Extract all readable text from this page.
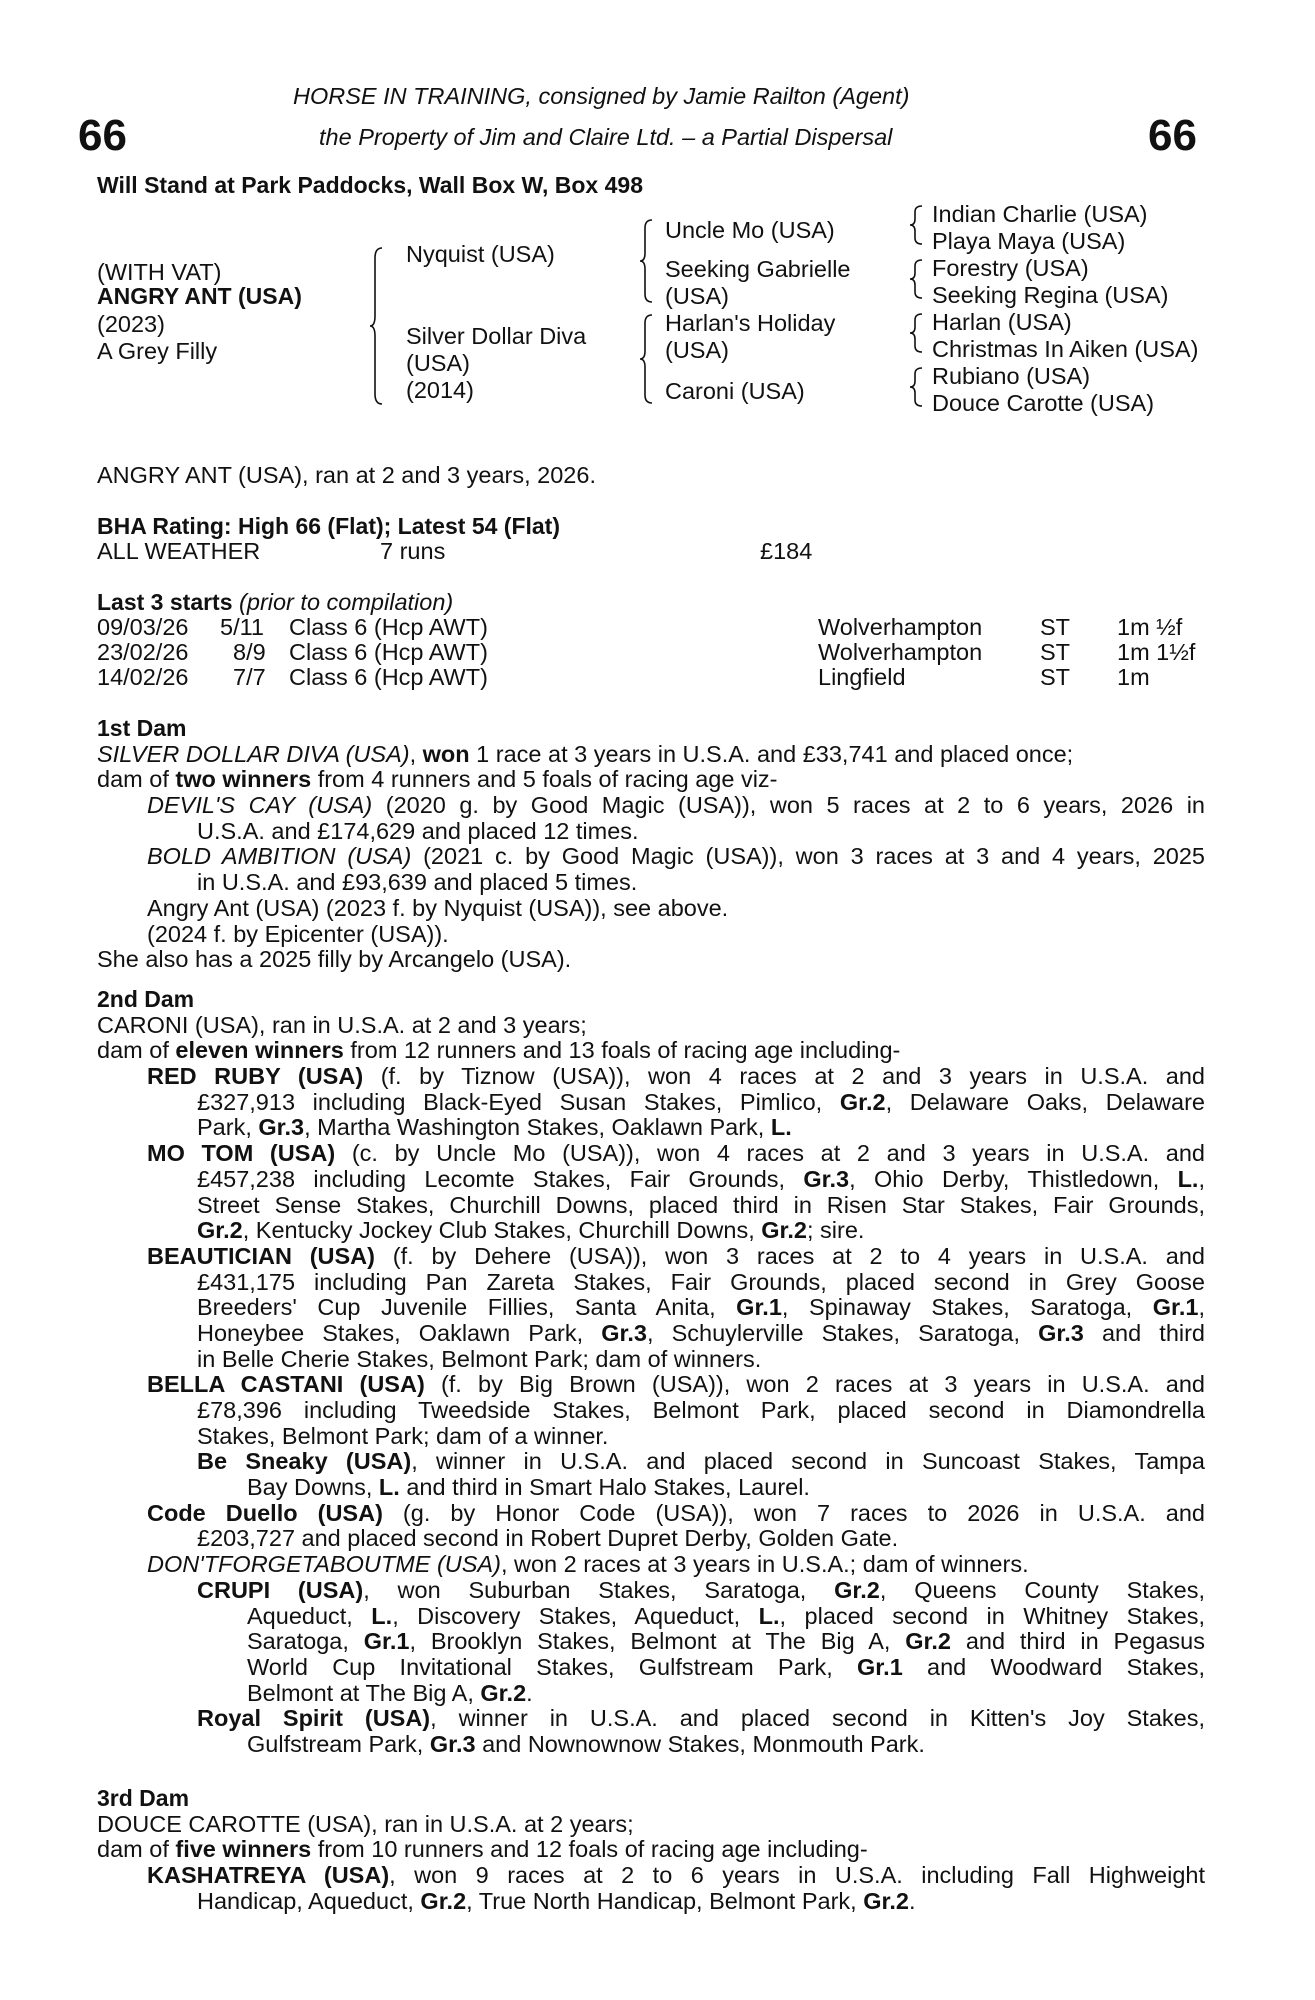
66	66
HORSE IN TRAINING, consigned by Jamie Railton (Agent)
the Property of Jim and Claire Ltd. – a Partial Dispersal
Will Stand at Park Paddocks, Wall Box W, Box 498
(WITH VAT)
ANGRY ANT (USA)
(2023)
A Grey Filly
Nyquist (USA)
Silver Dollar Diva
(USA)
(2014)
Uncle Mo (USA)
Seeking Gabrielle
(USA)
Harlan's Holiday
(USA)
Caroni (USA)
Indian Charlie (USA)
Playa Maya (USA)
Forestry (USA)
Seeking Regina (USA)
Harlan (USA)
Christmas In Aiken (USA)
Rubiano (USA)
Douce Carotte (USA)
ANGRY ANT (USA), ran at 2 and 3 years, 2026.
BHA Rating: High 66 (Flat); Latest 54 (Flat)
ALL WEATHER	7 runs	£184
Last 3 starts (prior to compilation)
09/03/26 5/11 Class 6 (Hcp AWT)	Wolverhampton ST 1m ½f
23/02/26 8/9 Class 6 (Hcp AWT)	Wolverhampton ST 1m 1½f
14/02/26 7/7 Class 6 (Hcp AWT)	Lingfield	ST 1m
1st Dam
SILVER DOLLAR DIVA (USA), won 1 race at 3 years in U.S.A. and £33,741 and placed once;
dam of two winners from 4 runners and 5 foals of racing age viz-
DEVIL'S CAY (USA) (2020 g. by Good Magic (USA)), won 5 races at 2 to 6 years, 2026 in
U.S.A. and £174,629 and placed 12 times.
BOLD AMBITION (USA) (2021 c. by Good Magic (USA)), won 3 races at 3 and 4 years, 2025
in U.S.A. and £93,639 and placed 5 times.
Angry Ant (USA) (2023 f. by Nyquist (USA)), see above.
(2024 f. by Epicenter (USA)).
She also has a 2025 filly by Arcangelo (USA).
2nd Dam
CARONI (USA), ran in U.S.A. at 2 and 3 years;
dam of eleven winners from 12 runners and 13 foals of racing age including-
RED RUBY (USA) (f. by Tiznow (USA)), won 4 races at 2 and 3 years in U.S.A. and
£327,913 including Black-Eyed Susan Stakes, Pimlico, Gr.2, Delaware Oaks, Delaware
Park, Gr.3, Martha Washington Stakes, Oaklawn Park, L.
MO TOM (USA) (c. by Uncle Mo (USA)), won 4 races at 2 and 3 years in U.S.A. and
£457,238 including Lecomte Stakes, Fair Grounds, Gr.3, Ohio Derby, Thistledown, L.,
Street Sense Stakes, Churchill Downs, placed third in Risen Star Stakes, Fair Grounds,
Gr.2, Kentucky Jockey Club Stakes, Churchill Downs, Gr.2; sire.
BEAUTICIAN (USA) (f. by Dehere (USA)), won 3 races at 2 to 4 years in U.S.A. and
£431,175 including Pan Zareta Stakes, Fair Grounds, placed second in Grey Goose
Breeders' Cup Juvenile Fillies, Santa Anita, Gr.1, Spinaway Stakes, Saratoga, Gr.1,
Honeybee Stakes, Oaklawn Park, Gr.3, Schuylerville Stakes, Saratoga, Gr.3 and third
in Belle Cherie Stakes, Belmont Park; dam of winners.
BELLA CASTANI (USA) (f. by Big Brown (USA)), won 2 races at 3 years in U.S.A. and
£78,396 including Tweedside Stakes, Belmont Park, placed second in Diamondrella
Stakes, Belmont Park; dam of a winner.
Be Sneaky (USA), winner in U.S.A. and placed second in Suncoast Stakes, Tampa
Bay Downs, L. and third in Smart Halo Stakes, Laurel.
Code Duello (USA) (g. by Honor Code (USA)), won 7 races to 2026 in U.S.A. and
£203,727 and placed second in Robert Dupret Derby, Golden Gate.
DON'TFORGETABOUTME (USA), won 2 races at 3 years in U.S.A.; dam of winners.
CRUPI (USA), won Suburban Stakes, Saratoga, Gr.2, Queens County Stakes,
Aqueduct, L., Discovery Stakes, Aqueduct, L., placed second in Whitney Stakes,
Saratoga, Gr.1, Brooklyn Stakes, Belmont at The Big A, Gr.2 and third in Pegasus
World Cup Invitational Stakes, Gulfstream Park, Gr.1 and Woodward Stakes,
Belmont at The Big A, Gr.2.
Royal Spirit (USA), winner in U.S.A. and placed second in Kitten's Joy Stakes,
Gulfstream Park, Gr.3 and Nownownow Stakes, Monmouth Park.
3rd Dam
DOUCE CAROTTE (USA), ran in U.S.A. at 2 years;
dam of five winners from 10 runners and 12 foals of racing age including-
KASHATREYA (USA), won 9 races at 2 to 6 years in U.S.A. including Fall Highweight
Handicap, Aqueduct, Gr.2, True North Handicap, Belmont Park, Gr.2.
